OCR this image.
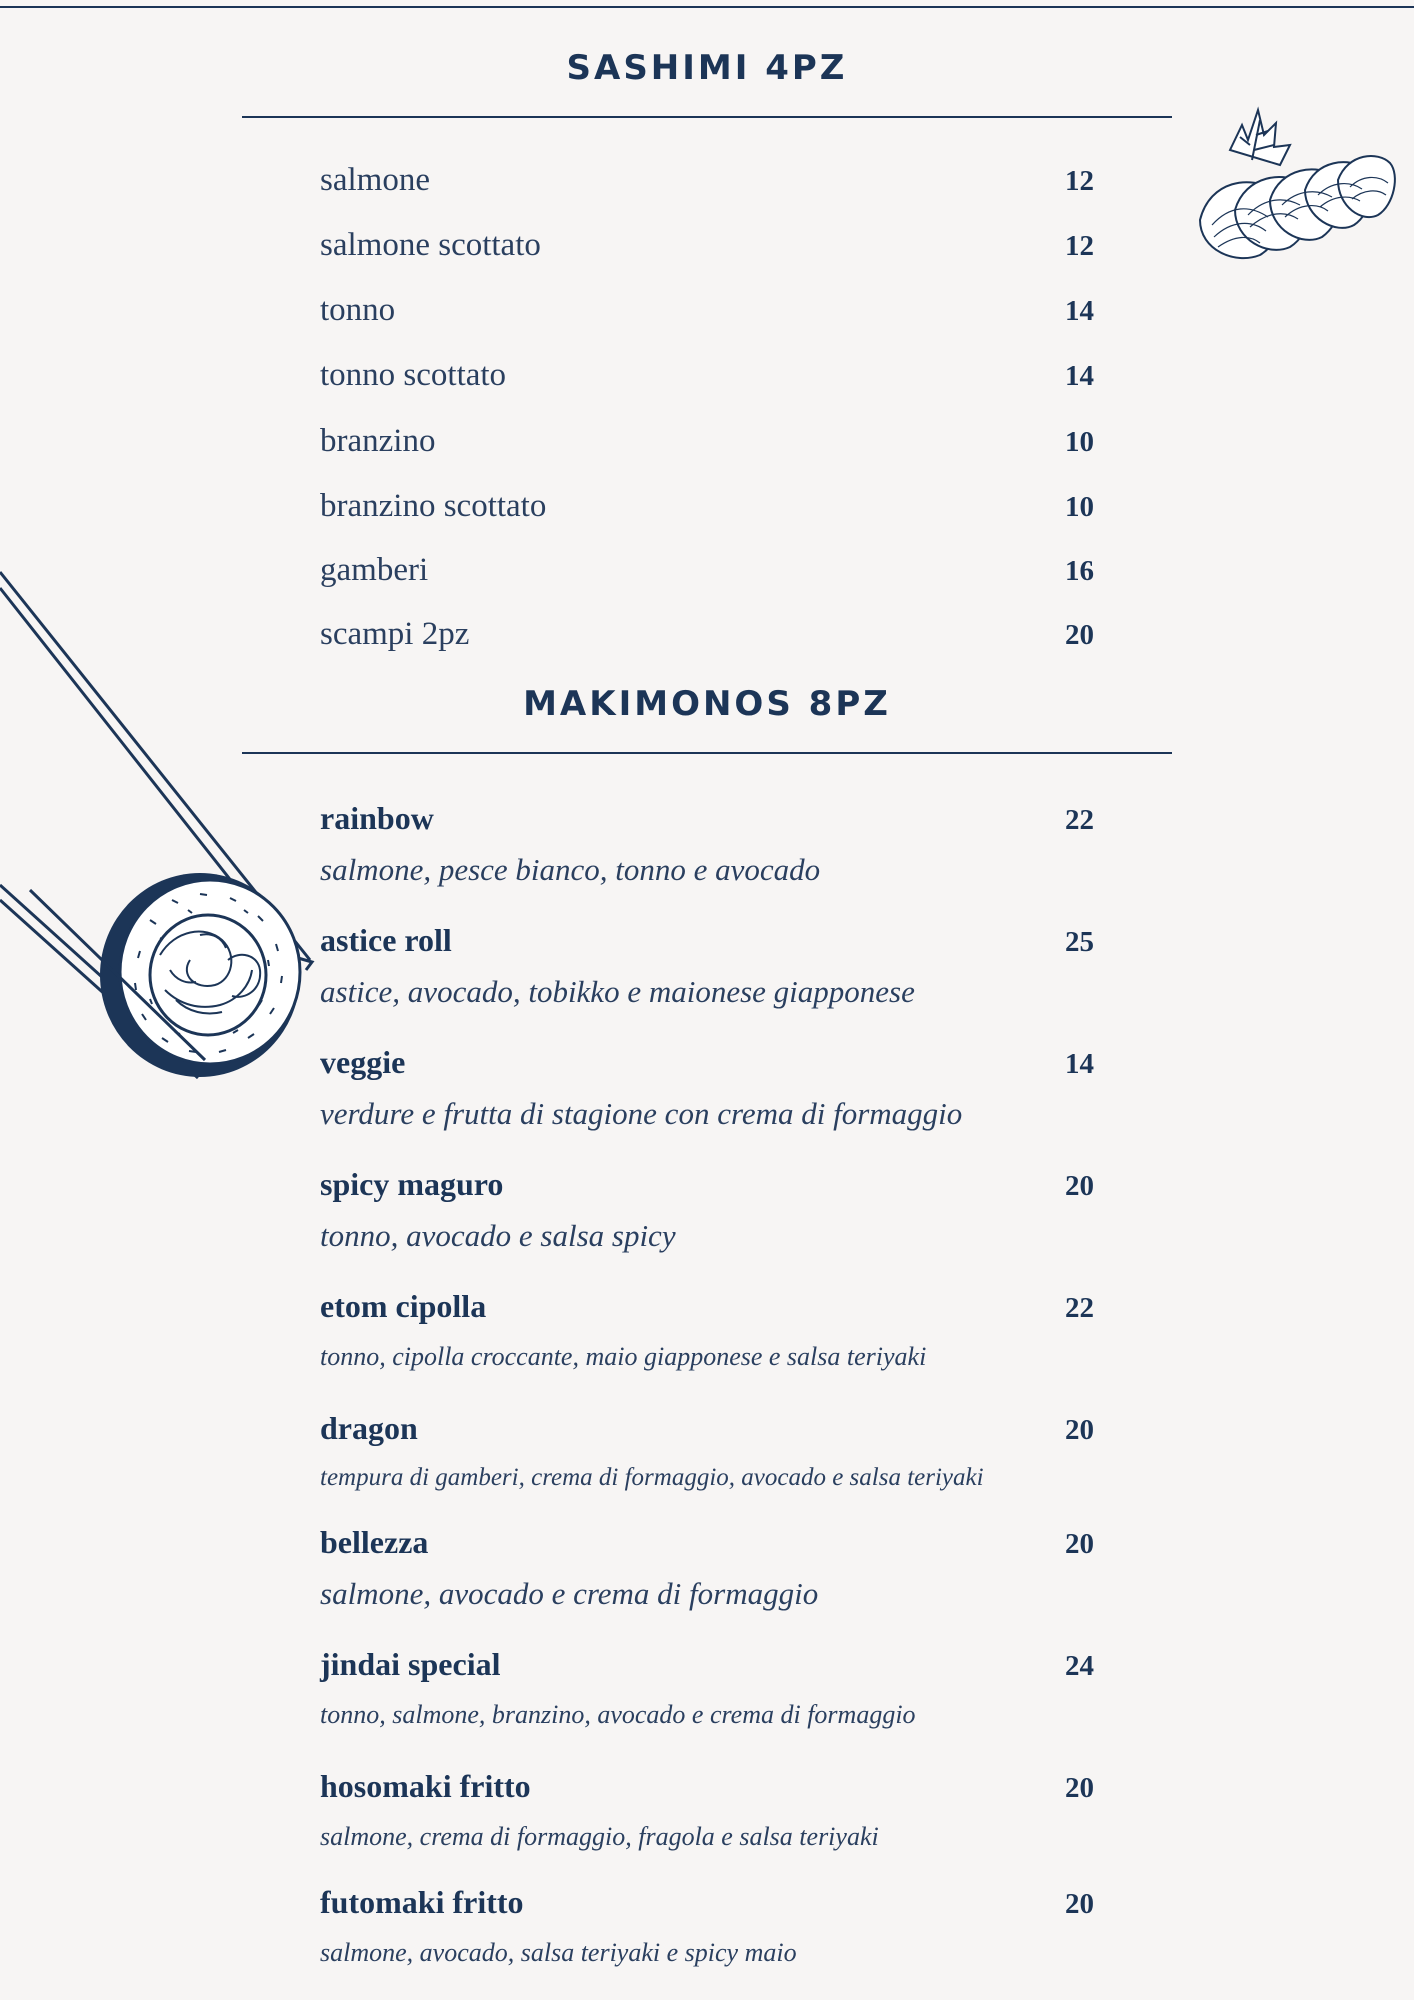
SASHIMI 4PZ
salmone	12
salmone scottato	12
tonno	14
tonno scottato	14
branzino	10
branzino scottato	10
gamberi	16
scampi 2pz	20
MAKIMONOS 8PZ
rainbow	22
salmone, pesce bianco, tonno e avocado
astice roll	25
astice, avocado, tobikko e maionese giapponese
veggie	14
verdure e frutta di stagione con crema di formaggio
spicy maguro	20
tonno, avocado e salsa spicy
etom cipolla	22
tonno, cipolla croccante, maio giapponese e salsa teriyaki
dragon	20
tempura di gamberi, crema di formaggio, avocado e salsa teriyaki
bellezza	20
salmone, avocado e crema di formaggio
jindai special	24
tonno, salmone, branzino, avocado e crema di formaggio
hosomaki fritto	20
salmone, crema di formaggio, fragola e salsa teriyaki
futomaki fritto	20
salmone, avocado, salsa teriyaki e spicy maio
